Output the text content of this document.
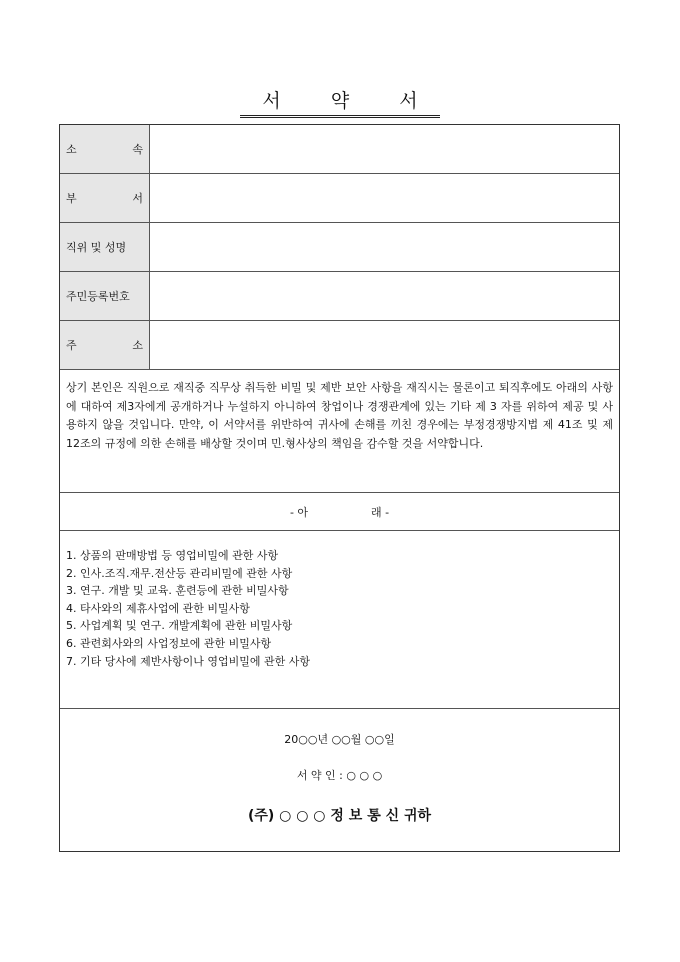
서 약 서
소	속
부	서
직위 및 성명
주민등록번호
주	소
상기 본인은 직원으로 재직중 직무상 취득한 비밀 및 제반 보안 사항을 재직시는 물론이고 퇴직후에도 아래의 사항에 대하여 제3자에게 공개하거나 누설하지 아니하여 창업이나 경쟁관계에 있는 기타 제 3 자를 위하여 제공 및 사용하지 않을 것입니다. 만약, 이 서약서를 위반하여 귀사에 손해를 끼친 경우에는 부정경쟁방지법 제 41조 및 제 12조의 규정에 의한 손해를 배상할 것이며 민.형사상의 책임을 감수할 것을 서약합니다.
- 아                  래 -
1. 상품의 판매방법 등 영업비밀에 관한 사항
2. 인사.조직.재무.전산등 관리비밀에 관한 사항
3. 연구. 개발 및 교육. 훈련등에 관한 비밀사항
4. 타사와의 제휴사업에 관한 비밀사항
5. 사업계획 및 연구. 개발계획에 관한 비밀사항
6. 관련회사와의 사업정보에 관한 비밀사항
7. 기타 당사에 제반사항이나 영업비밀에 관한 사항
20○○년 ○○월 ○○일
서 약 인 : ○ ○ ○
(주) ○ ○ ○ 정 보 통 신 귀하
